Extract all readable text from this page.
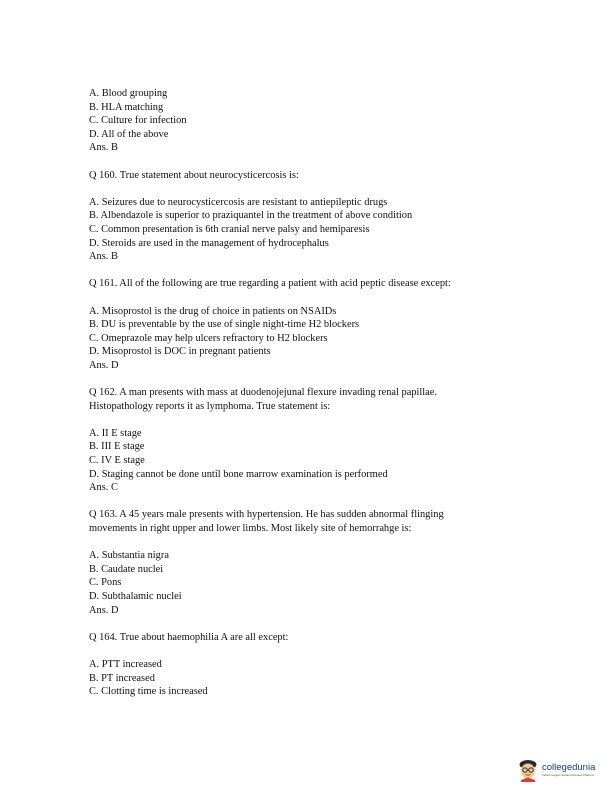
A. Blood grouping
B. HLA matching
C. Culture for infection
D. All of the above
Ans. B
Q 160. True statement about neurocysticercosis is:
A. Seizures due to neurocysticercosis are resistant to antiepileptic drugs
B. Albendazole is superior to praziquantel in the treatment of above condition
C. Common presentation is 6th cranial nerve palsy and hemiparesis
D. Steroids are used in the management of hydrocephalus
Ans. B
Q 161. All of the following are true regarding a patient with acid peptic disease except:
A. Misoprostol is the drug of choice in patients on NSAIDs
B. DU is preventable by the use of single night-time H2 blockers
C. Omeprazole may help ulcers refractory to H2 blockers
D. Misoprostol is DOC in pregnant patients
Ans. D
Q 162. A man presents with mass at duodenojejunal flexure invading renal papillae.
Histopathology reports it as lymphoma. True statement is:
A. II E stage
B. III E stage
C. IV E stage
D. Staging cannot be done until bone marrow examination is performed
Ans. C
Q 163. A 45 years male presents with hypertension. He has sudden abnormal flinging
movements in right upper and lower limbs. Most likely site of hemorrahge is:
A. Substantia nigra
B. Caudate nuclei
C. Pons
D. Subthalamic nuclei
Ans. D
Q 164. True about haemophilia A are all except:
A. PTT increased
B. PT increased
C. Clotting time is increased
collegedunia
India's largest Student Review Platform
